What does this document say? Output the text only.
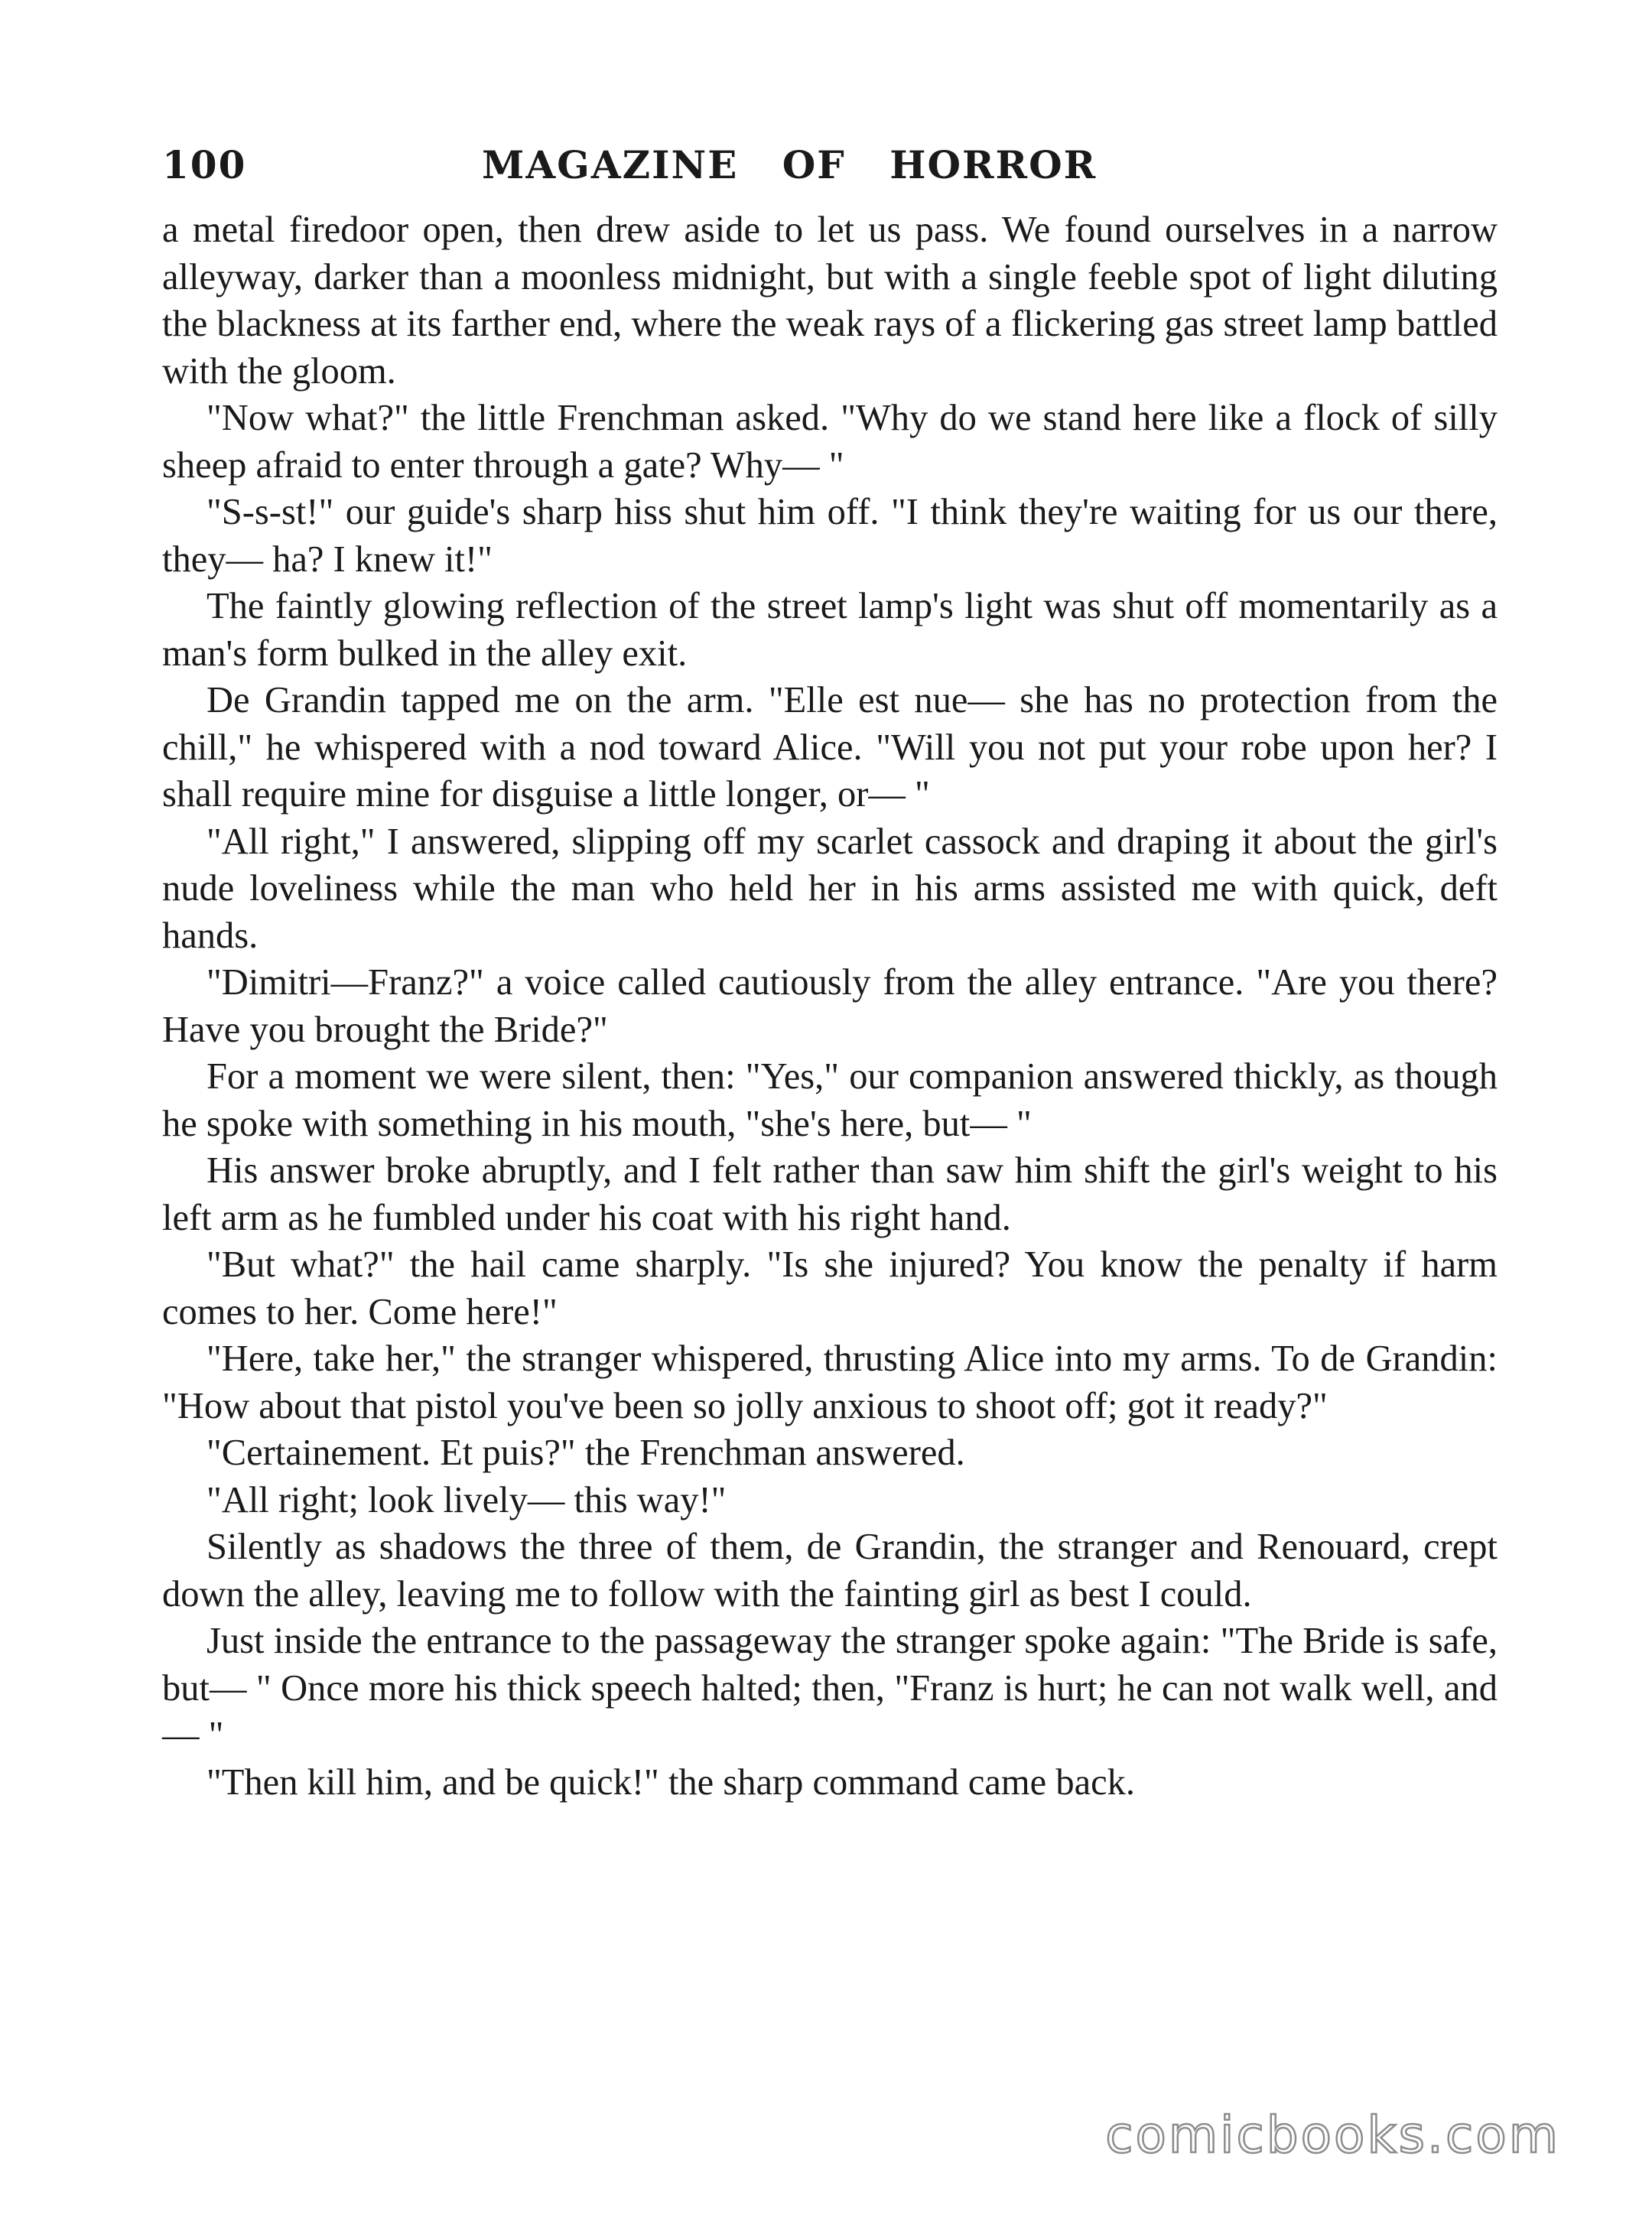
100	MAGAZINE OF HORROR

a metal firedoor open, then drew aside to let us pass. We found ourselves in a narrow alleyway, darker than a moonless midnight, but with a single feeble spot of light diluting the blackness at its farther end, where the weak rays of a flickering gas street lamp battled with the gloom.

"Now what?" the little Frenchman asked. "Why do we stand here like a flock of silly sheep afraid to enter through a gate? Why— "

"S-s-st!" our guide's sharp hiss shut him off. "I think they're waiting for us our there, they— ha? I knew it!"

The faintly glowing reflection of the street lamp's light was shut off momentarily as a man's form bulked in the alley exit.

De Grandin tapped me on the arm. "Elle est nue— she has no protection from the chill," he whispered with a nod toward Alice. "Will you not put your robe upon her? I shall require mine for disguise a little longer, or— "

"All right," I answered, slipping off my scarlet cassock and draping it about the girl's nude loveliness while the man who held her in his arms assisted me with quick, deft hands.

"Dimitri—Franz?" a voice called cautiously from the alley entrance. "Are you there? Have you brought the Bride?"

For a moment we were silent, then: "Yes," our companion answered thickly, as though he spoke with something in his mouth, "she's here, but— "

His answer broke abruptly, and I felt rather than saw him shift the girl's weight to his left arm as he fumbled under his coat with his right hand.

"But what?" the hail came sharply. "Is she injured? You know the penalty if harm comes to her. Come here!"

"Here, take her," the stranger whispered, thrusting Alice into my arms. To de Grandin: "How about that pistol you've been so jolly anxious to shoot off; got it ready?"

"Certainement. Et puis?" the Frenchman answered.

"All right; look lively— this way!"

Silently as shadows the three of them, de Grandin, the stranger and Renouard, crept down the alley, leaving me to follow with the fainting girl as best I could.

Just inside the entrance to the passageway the stranger spoke again: "The Bride is safe, but— " Once more his thick speech halted; then, "Franz is hurt; he can not walk well, and— "

"Then kill him, and be quick!" the sharp command came back.

comicbooks.com
